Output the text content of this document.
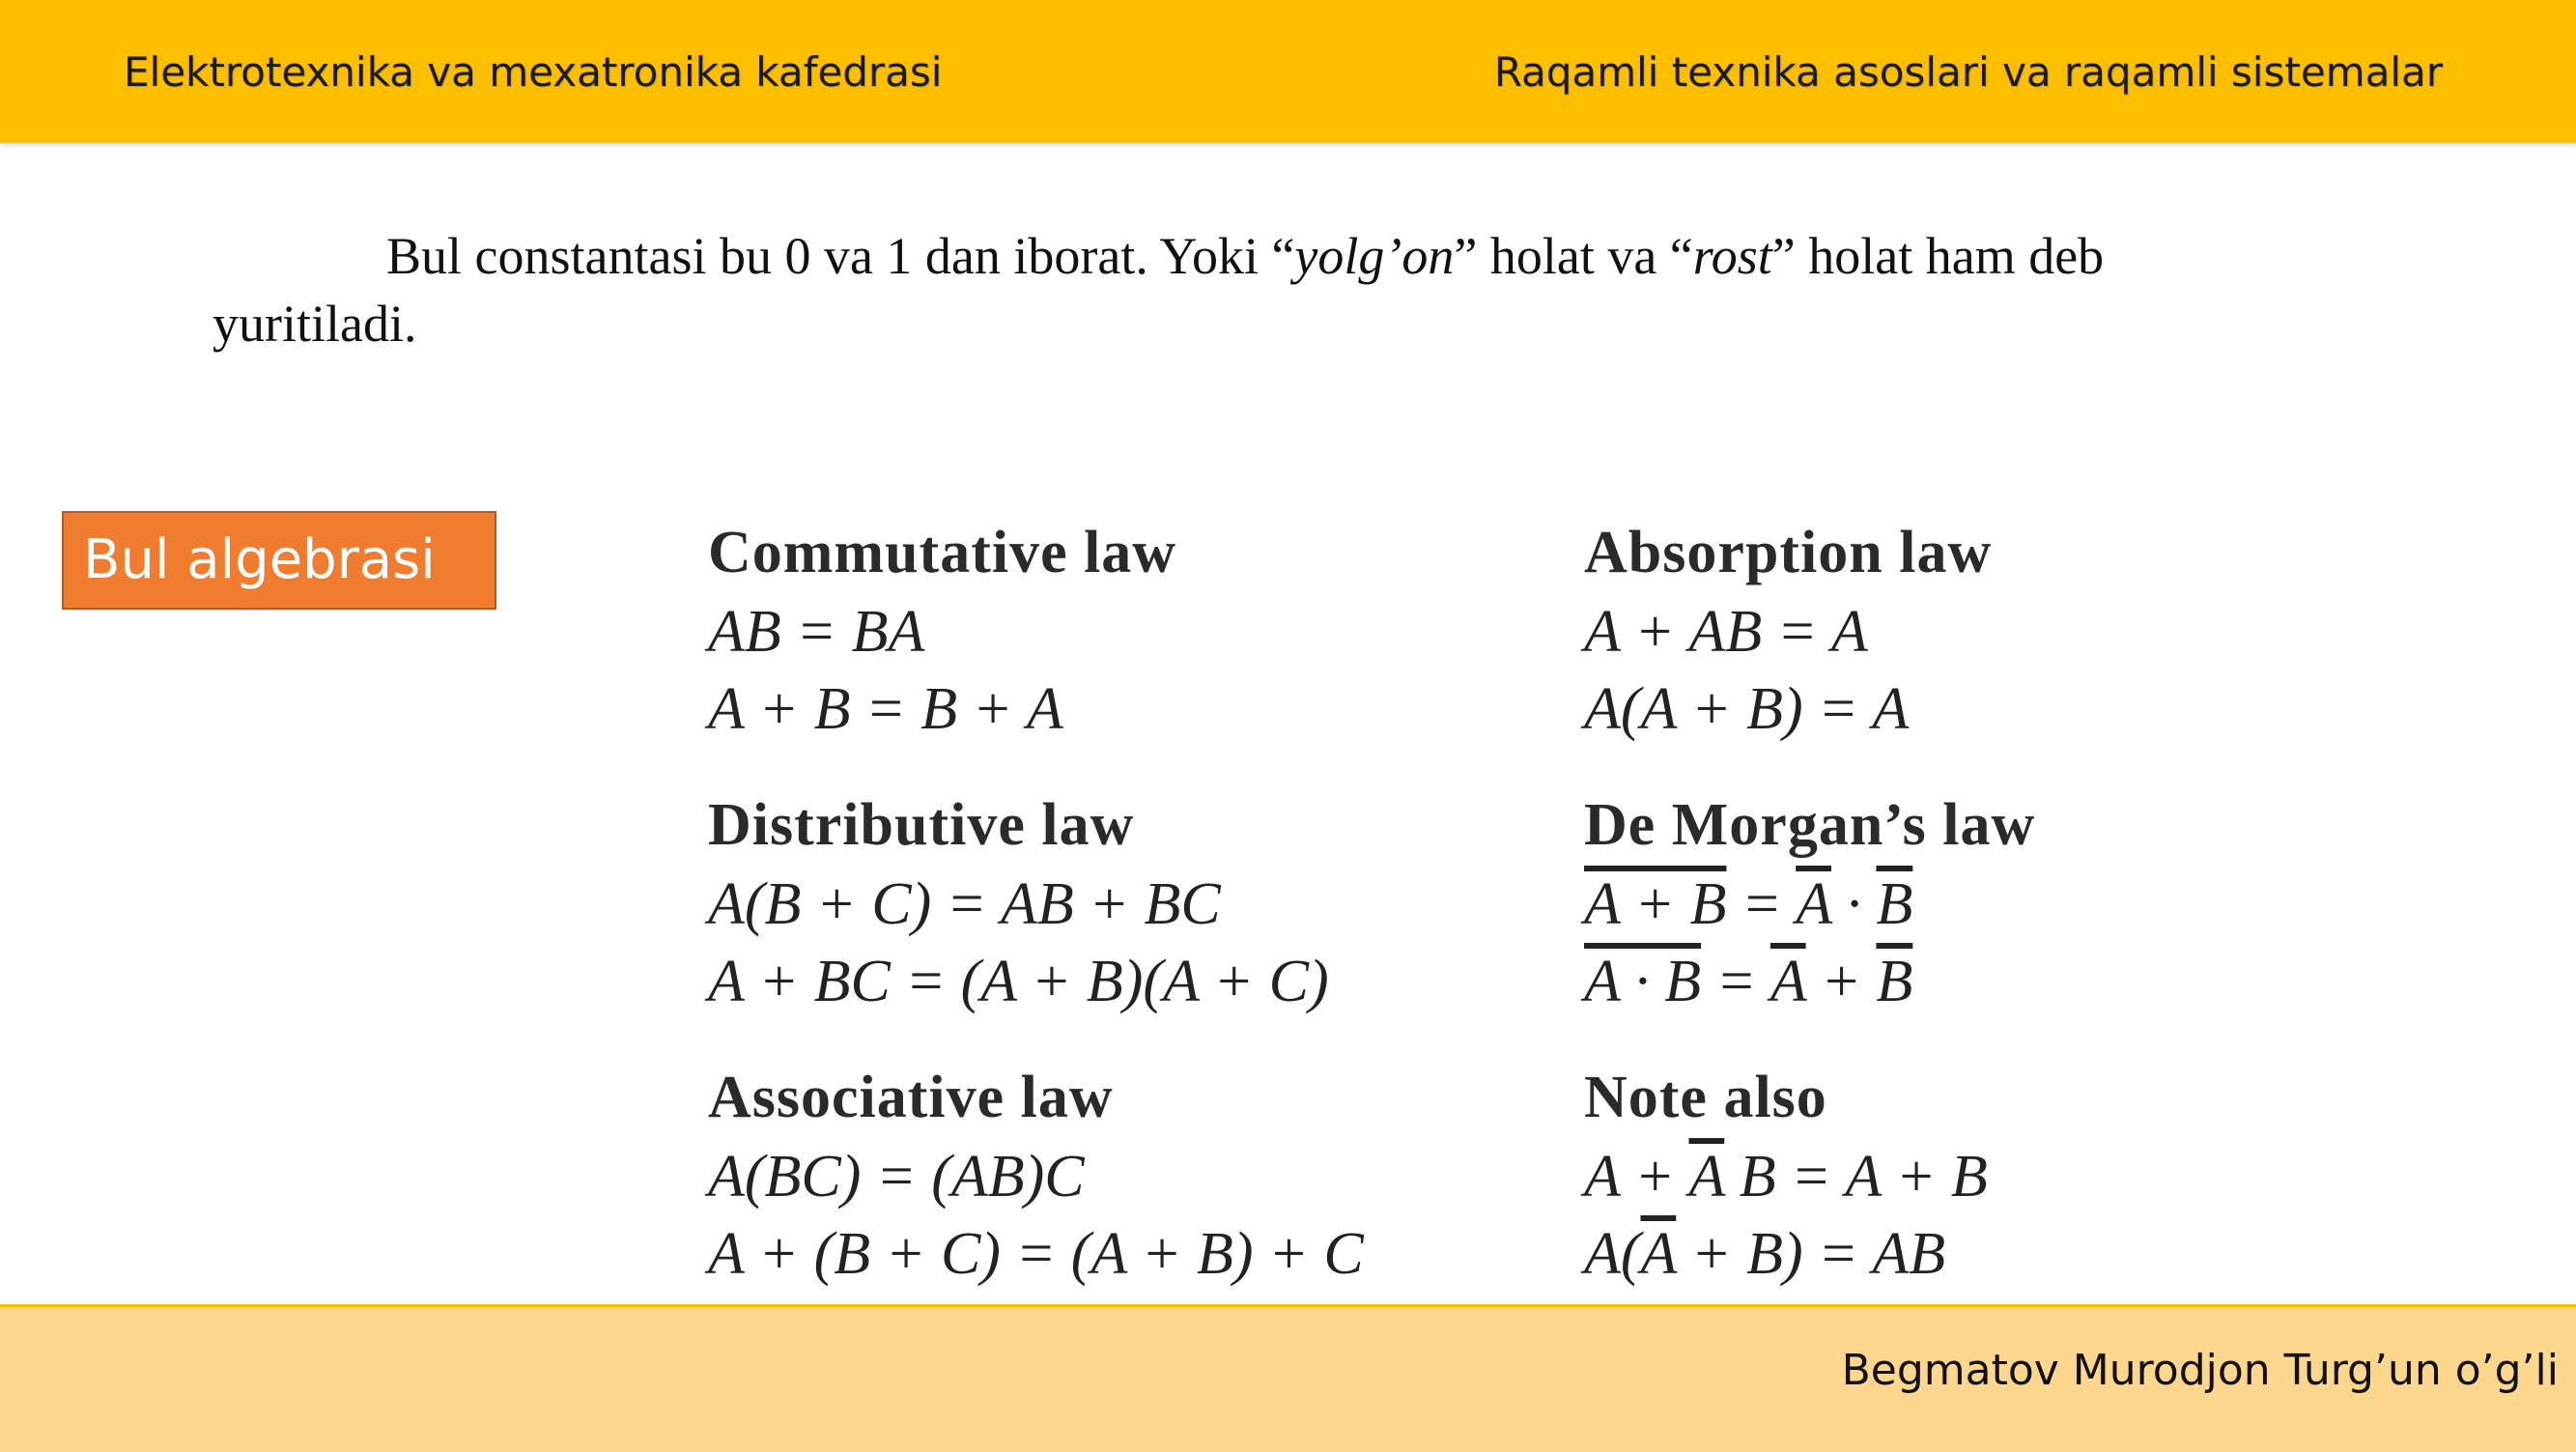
Elektrotexnika va mexatronika kafedrasi	Raqamli texnika asoslari va raqamli sistemalar
Bul constantasi bu 0 va 1 dan iborat. Yoki “yolg’on” holat va “rost” holat ham deb yuritiladi.
Bul algebrasi	Commutative law
AB = BA
A + B = B + A
Distributive law
A(B + C) = AB + BC
A + BC = (A + B)(A + C)
Associative law
A(BC) = (AB)C
A + (B + C) = (A + B) + C
Absorption law
A + AB = A
A(A + B) = A
De Morgan’s law
$A + B = \overline{A} \cdot \overline{B}$
$A \cdot B = \overline{A} + \overline{B}$
Note also
$A + \overline{A}$ B = A + B
$A(\overline{A} + B)$ = AB
Begmatov Murodjon Turg’un o’g’li
